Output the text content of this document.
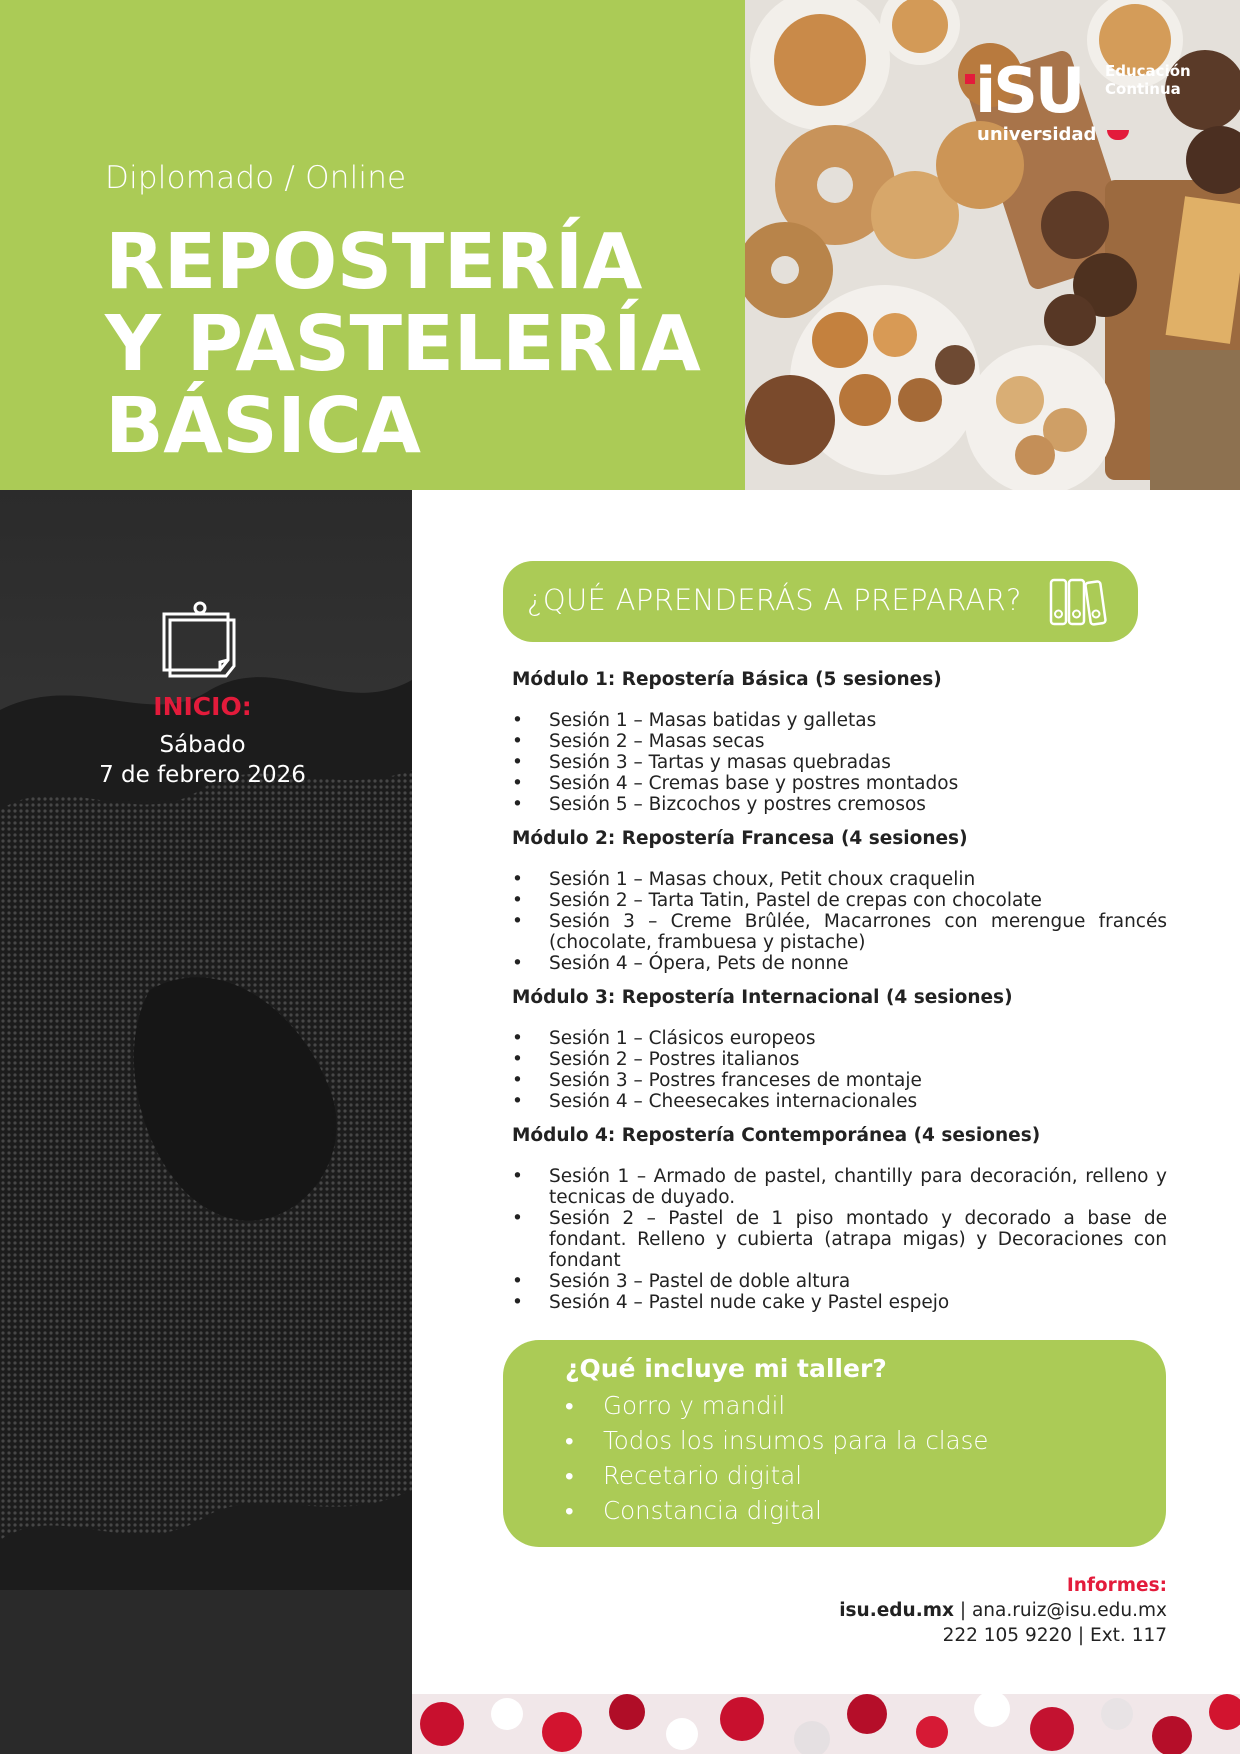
Diplomado / Online
REPOSTERÍA
Y PASTELERÍA
BÁSICA
iSU
universidad
Educación
Continua
INICIO:
Sábado
7 de febrero 2026
¿QUÉ APRENDERÁS A PREPARAR?
Módulo 1: Repostería Básica (5 sesiones)
• Sesión 1 – Masas batidas y galletas
• Sesión 2 – Masas secas
• Sesión 3 – Tartas y masas quebradas
• Sesión 4 – Cremas base y postres montados
• Sesión 5 – Bizcochos y postres cremosos
Módulo 2: Repostería Francesa (4 sesiones)
• Sesión 1 – Masas choux, Petit choux craquelin
• Sesión 2 – Tarta Tatin, Pastel de crepas con chocolate
• Sesión 3 – Creme Brûlée, Macarrones con merengue francés (chocolate, frambuesa y pistache)
• Sesión 4 – Ópera, Pets de nonne
Módulo 3: Repostería Internacional (4 sesiones)
• Sesión 1 – Clásicos europeos
• Sesión 2 – Postres italianos
• Sesión 3 – Postres franceses de montaje
• Sesión 4 – Cheesecakes internacionales
Módulo 4: Repostería Contemporánea (4 sesiones)
• Sesión 1 – Armado de pastel, chantilly para decoración, relleno y tecnicas de duyado.
• Sesión 2 – Pastel de 1 piso montado y decorado a base de fondant. Relleno y cubierta (atrapa migas) y Decoraciones con fondant
• Sesión 3 – Pastel de doble altura
• Sesión 4 – Pastel nude cake y Pastel espejo
¿Qué incluye mi taller?
• Gorro y mandil
• Todos los insumos para la clase
• Recetario digital
• Constancia digital
Informes:
isu.edu.mx | ana.ruiz@isu.edu.mx
222 105 9220 | Ext. 117
